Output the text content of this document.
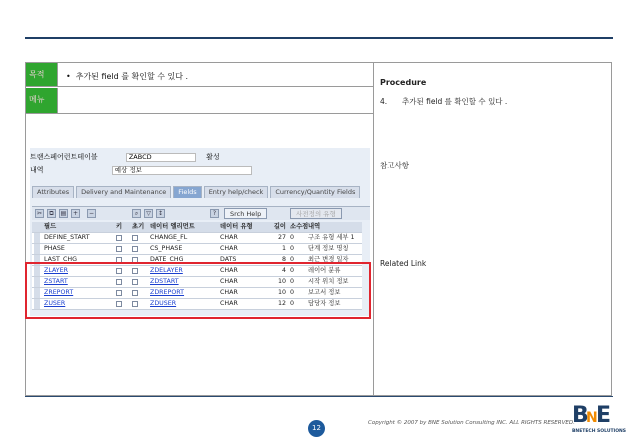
목적	• 추가된 field 를 확인할 수 있다 .
메뉴
Procedure
4. 추가된 field 를 확인할 수 있다 .
참고사항
Related Link
트랜스페어런트테이블	ZABCD	활성
내역	예상 정보
Attributes	Delivery and Maintenance	Fields	Entry help/check	Currency/Quantity Fields
✂	⧉	▤	+	−	⌕	▽	↕	?	Srch Help	사전정의 유형
필드	키	초기 데이터 엘리먼트	데이터 유형	길이 소수점 내역
DEFINE_START	CHANGE_FL	CHAR	27 0	구조 유형 세부 1
PHASE	CS_PHASE	CHAR	1 0	단계 정보 명칭
LAST_CHG	DATE_CHG	DATS	8 0	최근 변경 일자
ZLAYER	ZDELAYER	CHAR	4 0	레이어 분류
ZSTART	ZDSTART	CHAR	10 0	시작 위치 정보
ZREPORT	ZDREPORT	CHAR	10 0	보고서 정보
ZUSER	ZDUSER	CHAR	12 0	담당자 정보
12
Copyright © 2007 by BNE Solution Consulting INC. ALL RIGHTS RESERVED.
B
N
E
BNETECH SOLUTIONS
